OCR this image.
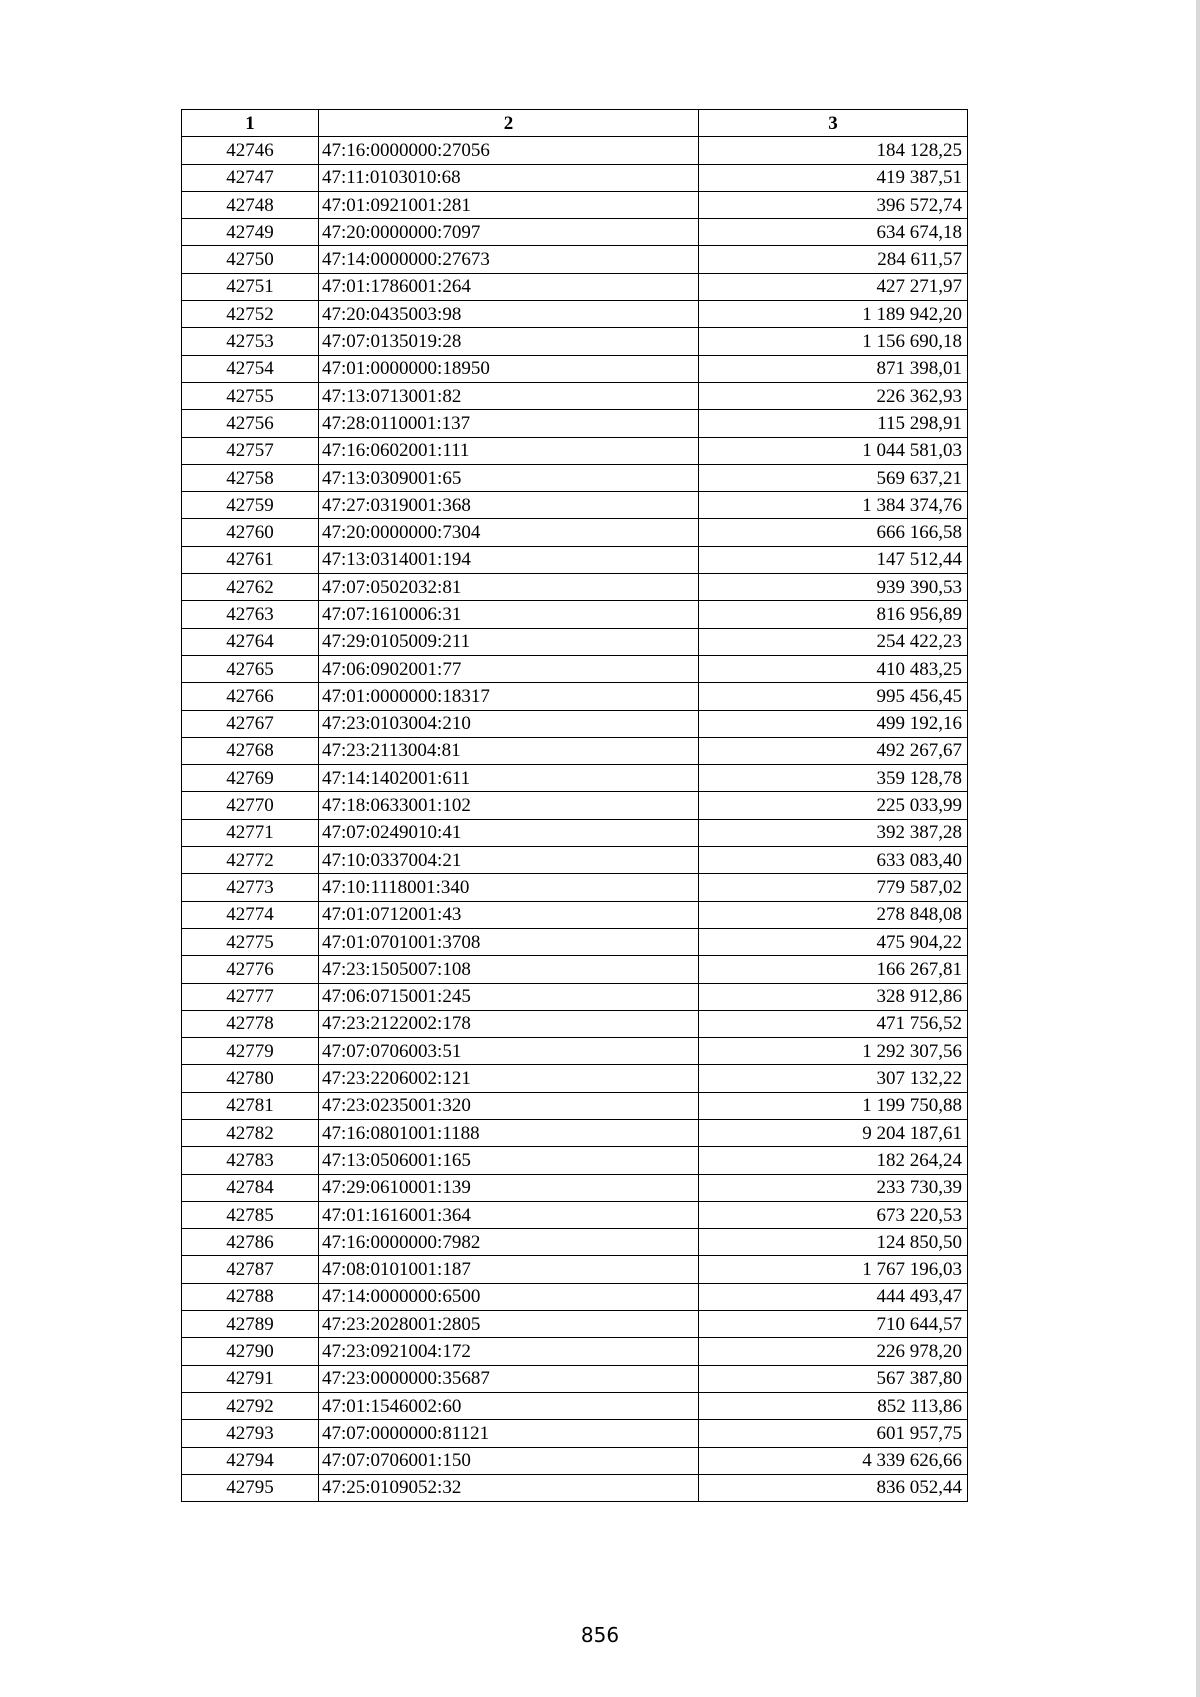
1	2	3
42746	47:16:0000000:27056	184 128,25
42747	47:11:0103010:68	419 387,51
42748	47:01:0921001:281	396 572,74
42749	47:20:0000000:7097	634 674,18
42750	47:14:0000000:27673	284 611,57
42751	47:01:1786001:264	427 271,97
42752	47:20:0435003:98	1 189 942,20
42753	47:07:0135019:28	1 156 690,18
42754	47:01:0000000:18950	871 398,01
42755	47:13:0713001:82	226 362,93
42756	47:28:0110001:137	115 298,91
42757	47:16:0602001:111	1 044 581,03
42758	47:13:0309001:65	569 637,21
42759	47:27:0319001:368	1 384 374,76
42760	47:20:0000000:7304	666 166,58
42761	47:13:0314001:194	147 512,44
42762	47:07:0502032:81	939 390,53
42763	47:07:1610006:31	816 956,89
42764	47:29:0105009:211	254 422,23
42765	47:06:0902001:77	410 483,25
42766	47:01:0000000:18317	995 456,45
42767	47:23:0103004:210	499 192,16
42768	47:23:2113004:81	492 267,67
42769	47:14:1402001:611	359 128,78
42770	47:18:0633001:102	225 033,99
42771	47:07:0249010:41	392 387,28
42772	47:10:0337004:21	633 083,40
42773	47:10:1118001:340	779 587,02
42774	47:01:0712001:43	278 848,08
42775	47:01:0701001:3708	475 904,22
42776	47:23:1505007:108	166 267,81
42777	47:06:0715001:245	328 912,86
42778	47:23:2122002:178	471 756,52
42779	47:07:0706003:51	1 292 307,56
42780	47:23:2206002:121	307 132,22
42781	47:23:0235001:320	1 199 750,88
42782	47:16:0801001:1188	9 204 187,61
42783	47:13:0506001:165	182 264,24
42784	47:29:0610001:139	233 730,39
42785	47:01:1616001:364	673 220,53
42786	47:16:0000000:7982	124 850,50
42787	47:08:0101001:187	1 767 196,03
42788	47:14:0000000:6500	444 493,47
42789	47:23:2028001:2805	710 644,57
42790	47:23:0921004:172	226 978,20
42791	47:23:0000000:35687	567 387,80
42792	47:01:1546002:60	852 113,86
42793	47:07:0000000:81121	601 957,75
42794	47:07:0706001:150	4 339 626,66
42795	47:25:0109052:32	836 052,44
856
